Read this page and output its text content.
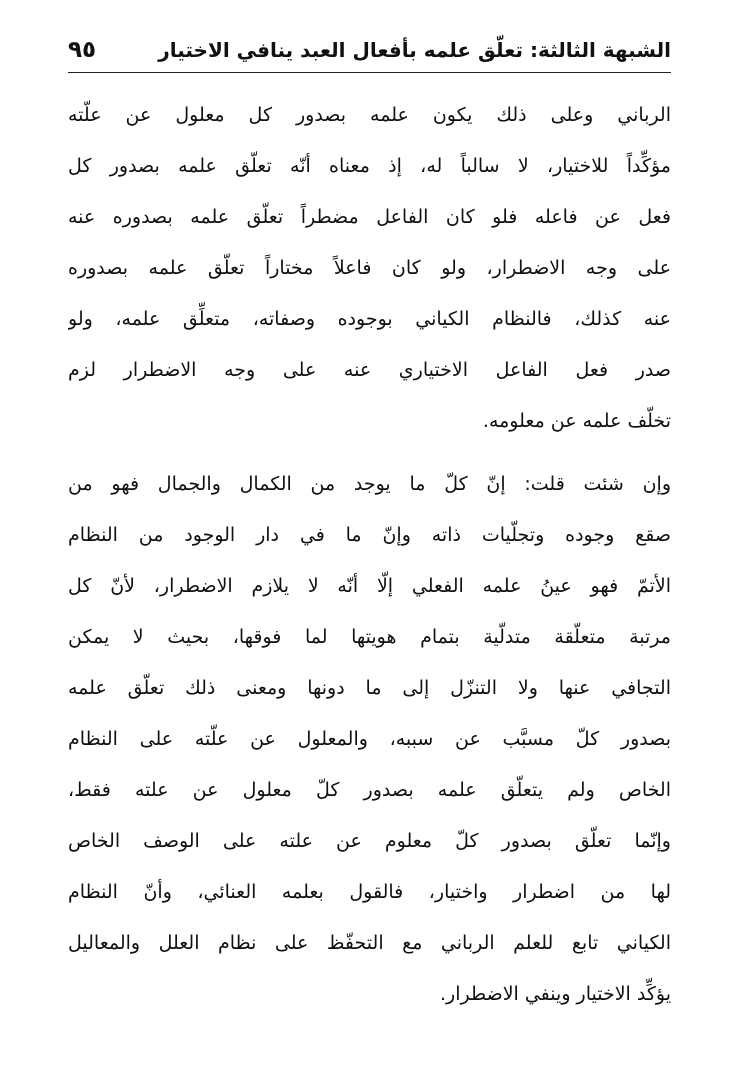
الشبهة الثالثة: تعلّق علمه بأفعال العبد ينافي الاختيار
٩٥
الرباني وعلى ذلك يكون علمه بصدور كل معلول عن علّته
مؤكِّداً للاختيار، لا سالباً له، إذ معناه أنّه تعلّق علمه بصدور كل
فعل عن فاعله فلو كان الفاعل مضطراً تعلّق علمه بصدوره عنه
على وجه الاضطرار، ولو كان فاعلاً مختاراً تعلّق علمه بصدوره
عنه كذلك، فالنظام الكياني بوجوده وصفاته، متعلِّق علمه، ولو
صدر فعل الفاعل الاختياري عنه على وجه الاضطرار لزم
تخلّف علمه عن معلومه.
وإن شئت قلت: إنّ كلّ ما يوجد من الكمال والجمال فهو من
صقع وجوده وتجلّيات ذاته وإنّ ما في دار الوجود من النظام
الأتمّ فهو عينُ علمه الفعلي إلّا أنّه لا يلازم الاضطرار، لأنّ كل
مرتبة متعلّقة متدلّية بتمام هويتها لما فوقها، بحيث لا يمكن
التجافي عنها ولا التنزّل إلى ما دونها ومعنى ذلك تعلّق علمه
بصدور كلّ مسبَّب عن سببه، والمعلول عن علّته على النظام
الخاص ولم يتعلّق علمه بصدور كلّ معلول عن علته فقط،
وإنّما تعلّق بصدور كلّ معلوم عن علته على الوصف الخاص
لها من اضطرار واختيار، فالقول بعلمه العنائي، وأنّ النظام
الكياني تابع للعلم الرباني مع التحفّظ على نظام العلل والمعاليل
يؤكِّد الاختيار وينفي الاضطرار.
